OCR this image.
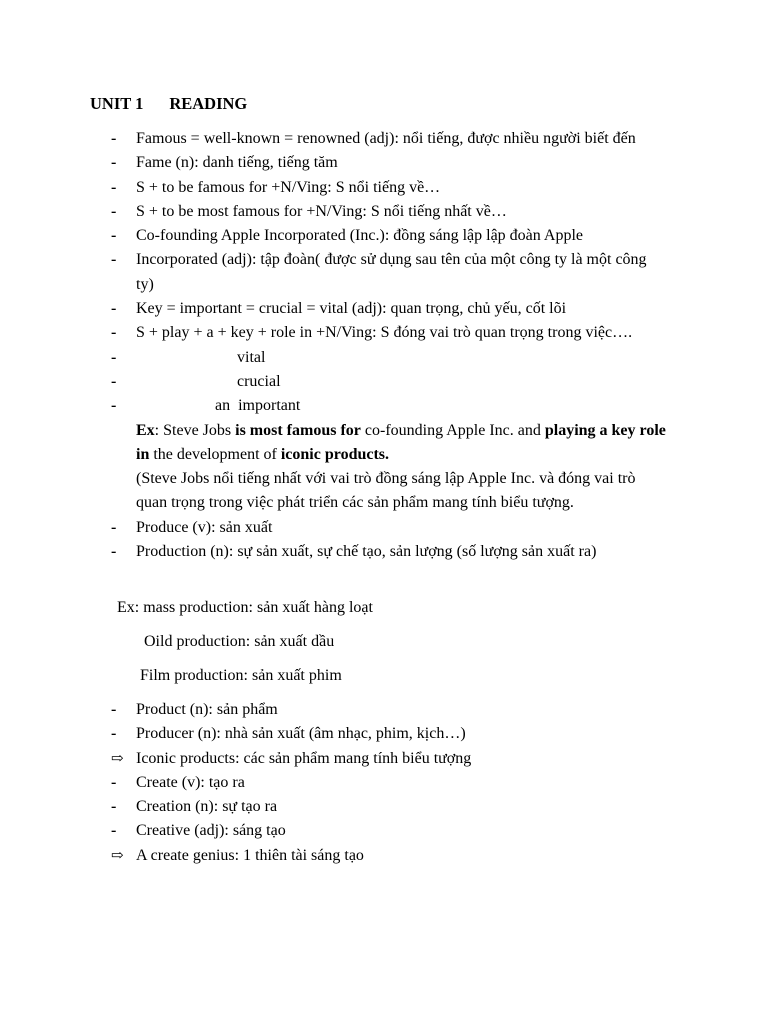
UNIT 1 READING
-	Famous = well-known = renowned (adj): nổi tiếng, được nhiều người biết đến
-	Fame (n): danh tiếng, tiếng tăm
-	S + to be famous for +N/Ving: S nổi tiếng về…
-	S + to be most famous for +N/Ving: S nổi tiếng nhất về…
-	Co-founding Apple Incorporated (Inc.): đồng sáng lập lập đoàn Apple
-	Incorporated (adj): tập đoàn( được sử dụng sau tên của một công ty là một công ty)
-	Key = important = crucial = vital (adj): quan trọng, chủ yếu, cốt lõi
-	S + play + a + key + role in +N/Ving: S đóng vai trò quan trọng trong việc….
-	vital
-	crucial
-	an  important
Ex: Steve Jobs is most famous for co-founding Apple Inc. and playing a key role in the development of iconic products.
(Steve Jobs nổi tiếng nhất với vai trò đồng sáng lập Apple Inc. và đóng vai trò quan trọng trong việc phát triển các sản phẩm mang tính biểu tượng.
-	Produce (v): sản xuất
-	Production (n): sự sản xuất, sự chế tạo, sản lượng (số lượng sản xuất ra)
Ex: mass production: sản xuất hàng loạt
Oild production: sản xuất dầu
Film production: sản xuất phim
-	Product (n): sản phẩm
-	Producer (n): nhà sản xuất (âm nhạc, phim, kịch…)
⇨ Iconic products: các sản phẩm mang tính biểu tượng
-	Create (v): tạo ra
-	Creation (n): sự tạo ra
-	Creative (adj): sáng tạo
⇨ A create genius: 1 thiên tài sáng tạo
